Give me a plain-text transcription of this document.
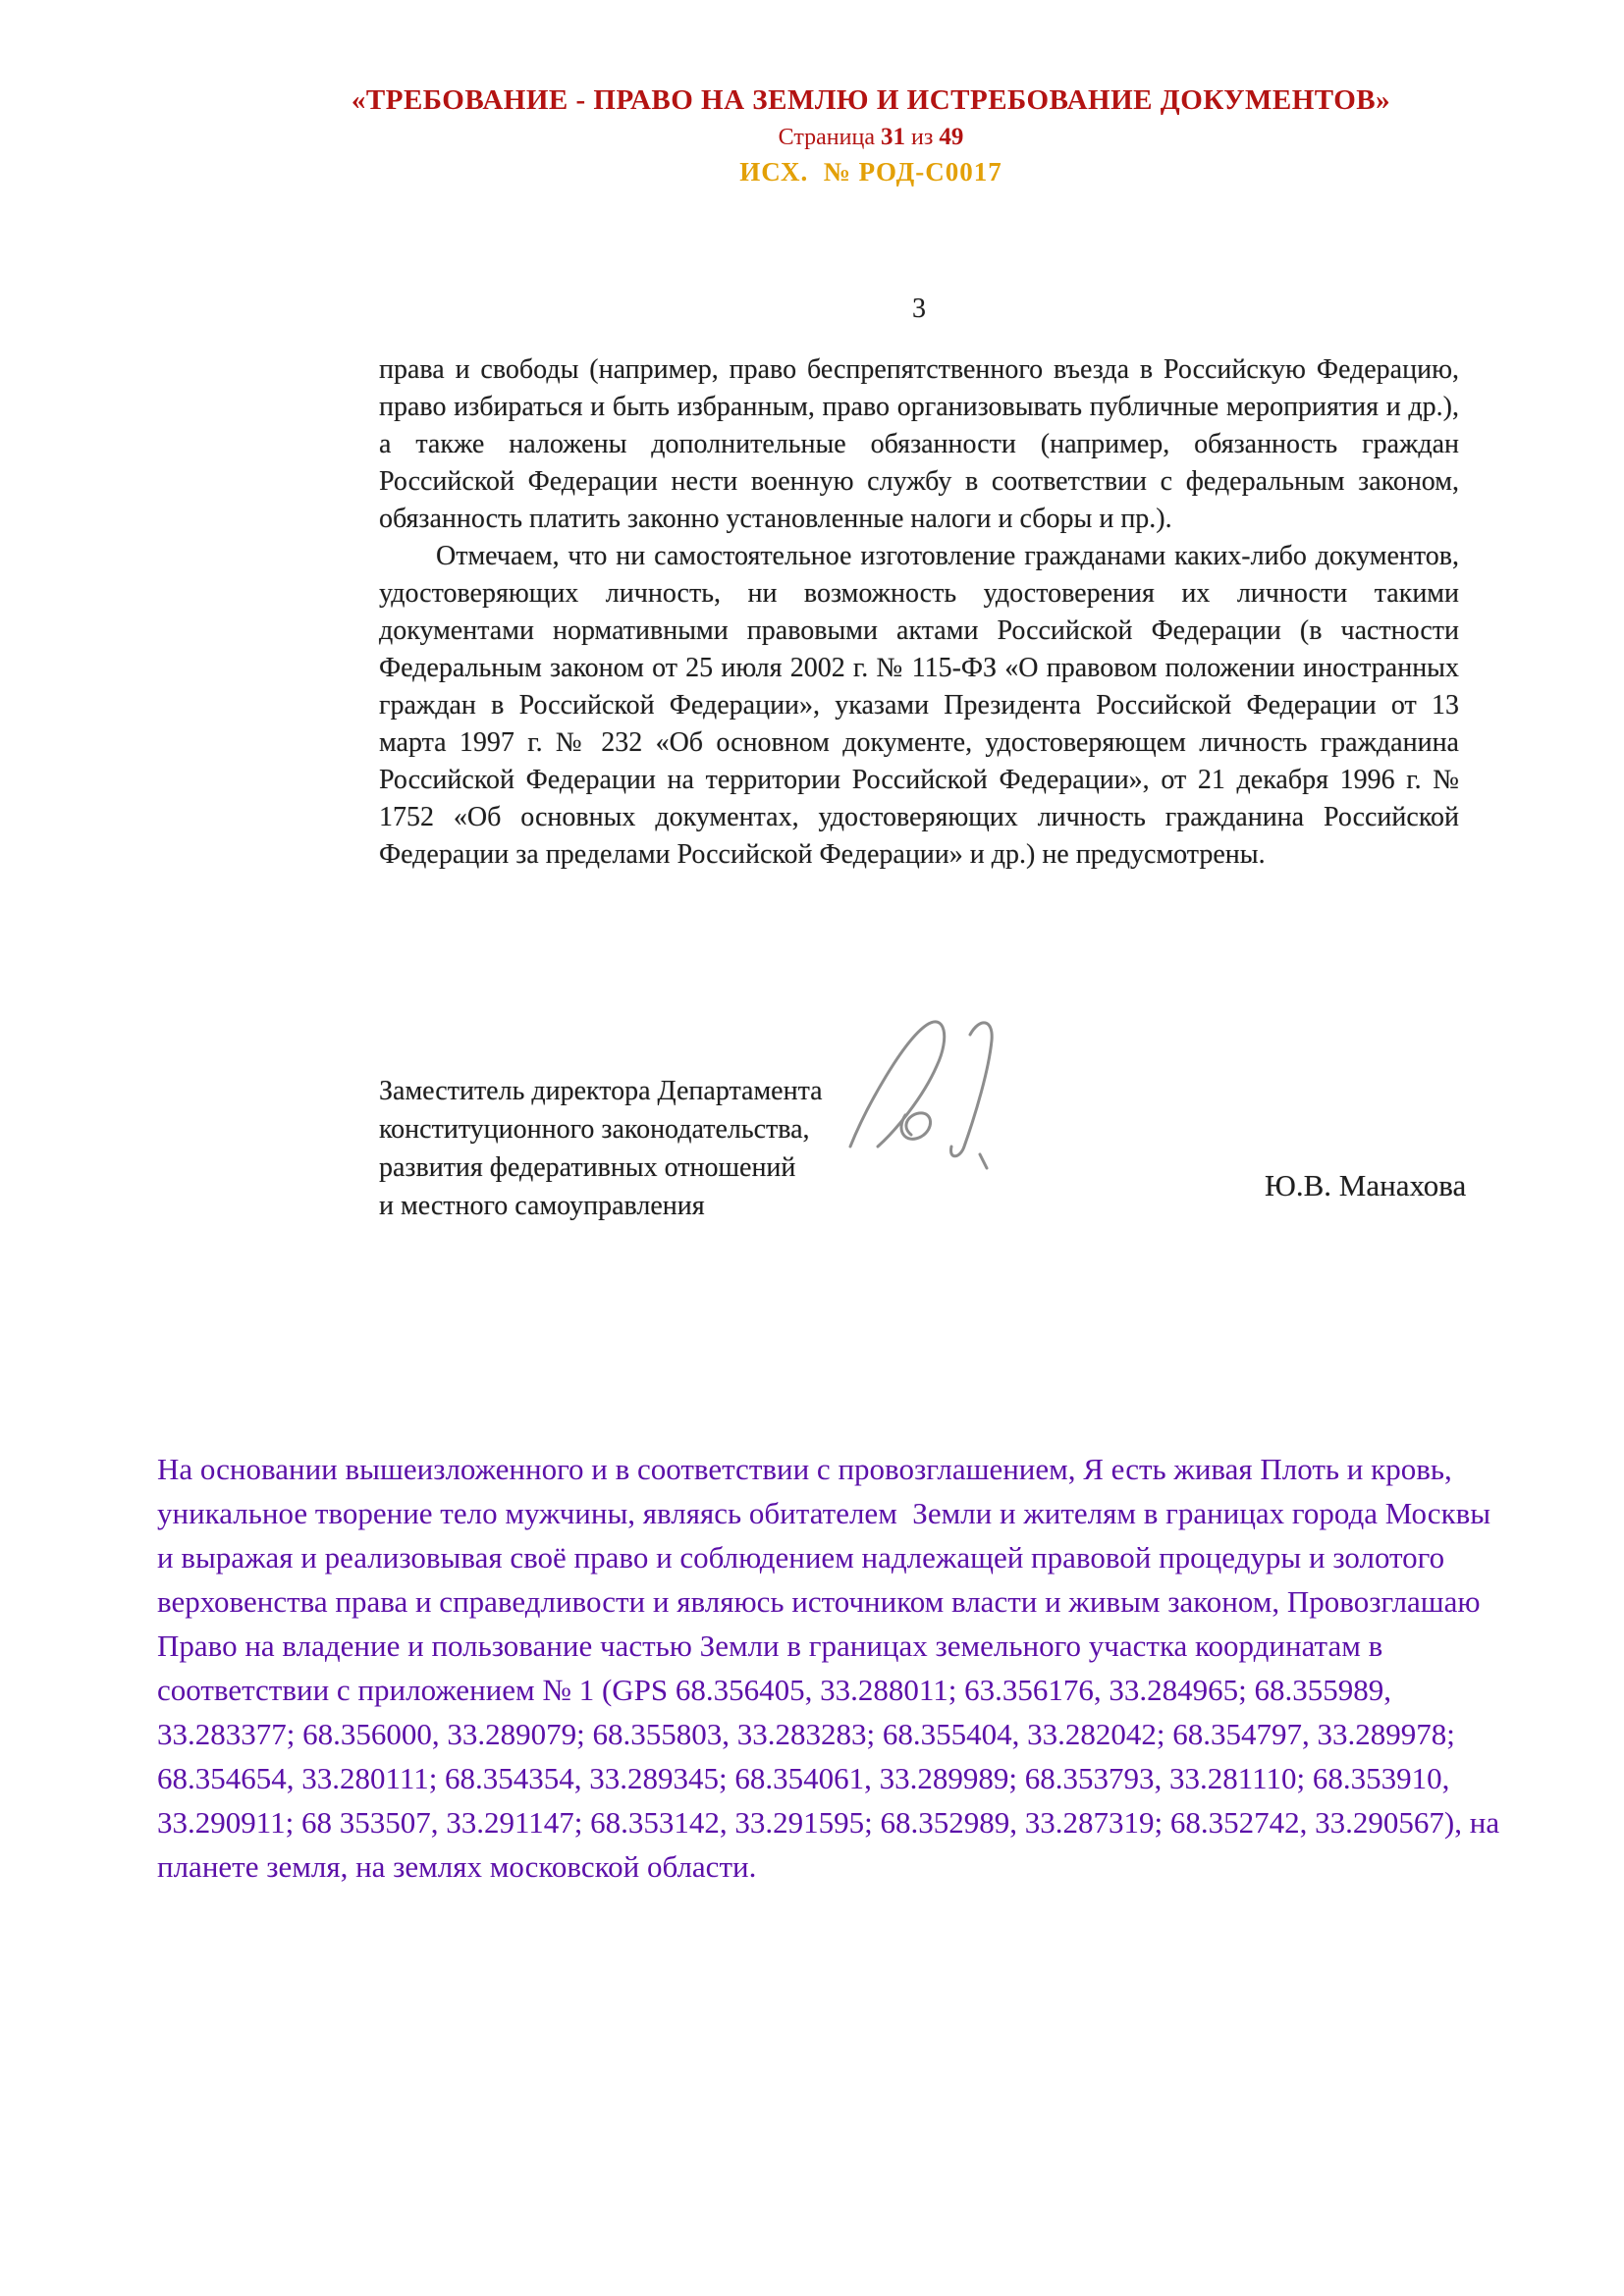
«ТРЕБОВАНИЕ - ПРАВО НА ЗЕМЛЮ И ИСТРЕБОВАНИЕ ДОКУМЕНТОВ»
Страница 31 из 49
ИСХ.  № РОД-С0017
3

права и свободы (например, право беспрепятственного въезда в Российскую Федерацию, право избираться и быть избранным, право организовывать публичные мероприятия и др.), а также наложены дополнительные обязанности (например, обязанность граждан Российской Федерации нести военную службу в соответствии с федеральным законом, обязанность платить законно установленные налоги и сборы и пр.).

Отмечаем, что ни самостоятельное изготовление гражданами каких-либо документов, удостоверяющих личность, ни возможность удостоверения их личности такими документами нормативными правовыми актами Российской Федерации (в частности Федеральным законом от 25 июля 2002 г. № 115-ФЗ «О правовом положении иностранных граждан в Российской Федерации», указами Президента Российской Федерации от 13 марта 1997 г. № 232 «Об основном документе, удостоверяющем личность гражданина Российской Федерации на территории Российской Федерации», от 21 декабря 1996 г. № 1752 «Об основных документах, удостоверяющих личность гражданина Российской Федерации за пределами Российской Федерации» и др.) не предусмотрены.

Заместитель директора Департамента
конституционного законодательства,
развития федеративных отношений
и местного самоуправления
Ю.В. Манахова
На основании вышеизложенного и в соответствии с провозглашением, Я есть живая Плоть и кровь,  уникальное творение тело мужчины, являясь обитателем  Земли и жителям в границах города Москвы и выражая и реализовывая своё право и соблюдением надлежащей правовой процедуры и золотого верховенства права и справедливости и являюсь источником власти и живым законом, Провозглашаю Право на владение и пользование частью Земли в границах земельного участка координатам в соответствии с приложением № 1 (GPS 68.356405, 33.288011; 63.356176, 33.284965; 68.355989, 33.283377; 68.356000, 33.289079; 68.355803, 33.283283; 68.355404, 33.282042; 68.354797, 33.289978; 68.354654, 33.280111; 68.354354, 33.289345; 68.354061, 33.289989; 68.353793, 33.281110; 68.353910, 33.290911; 68 353507, 33.291147; 68.353142, 33.291595; 68.352989, 33.287319; 68.352742, 33.290567), на планете земля, на землях московской области.
